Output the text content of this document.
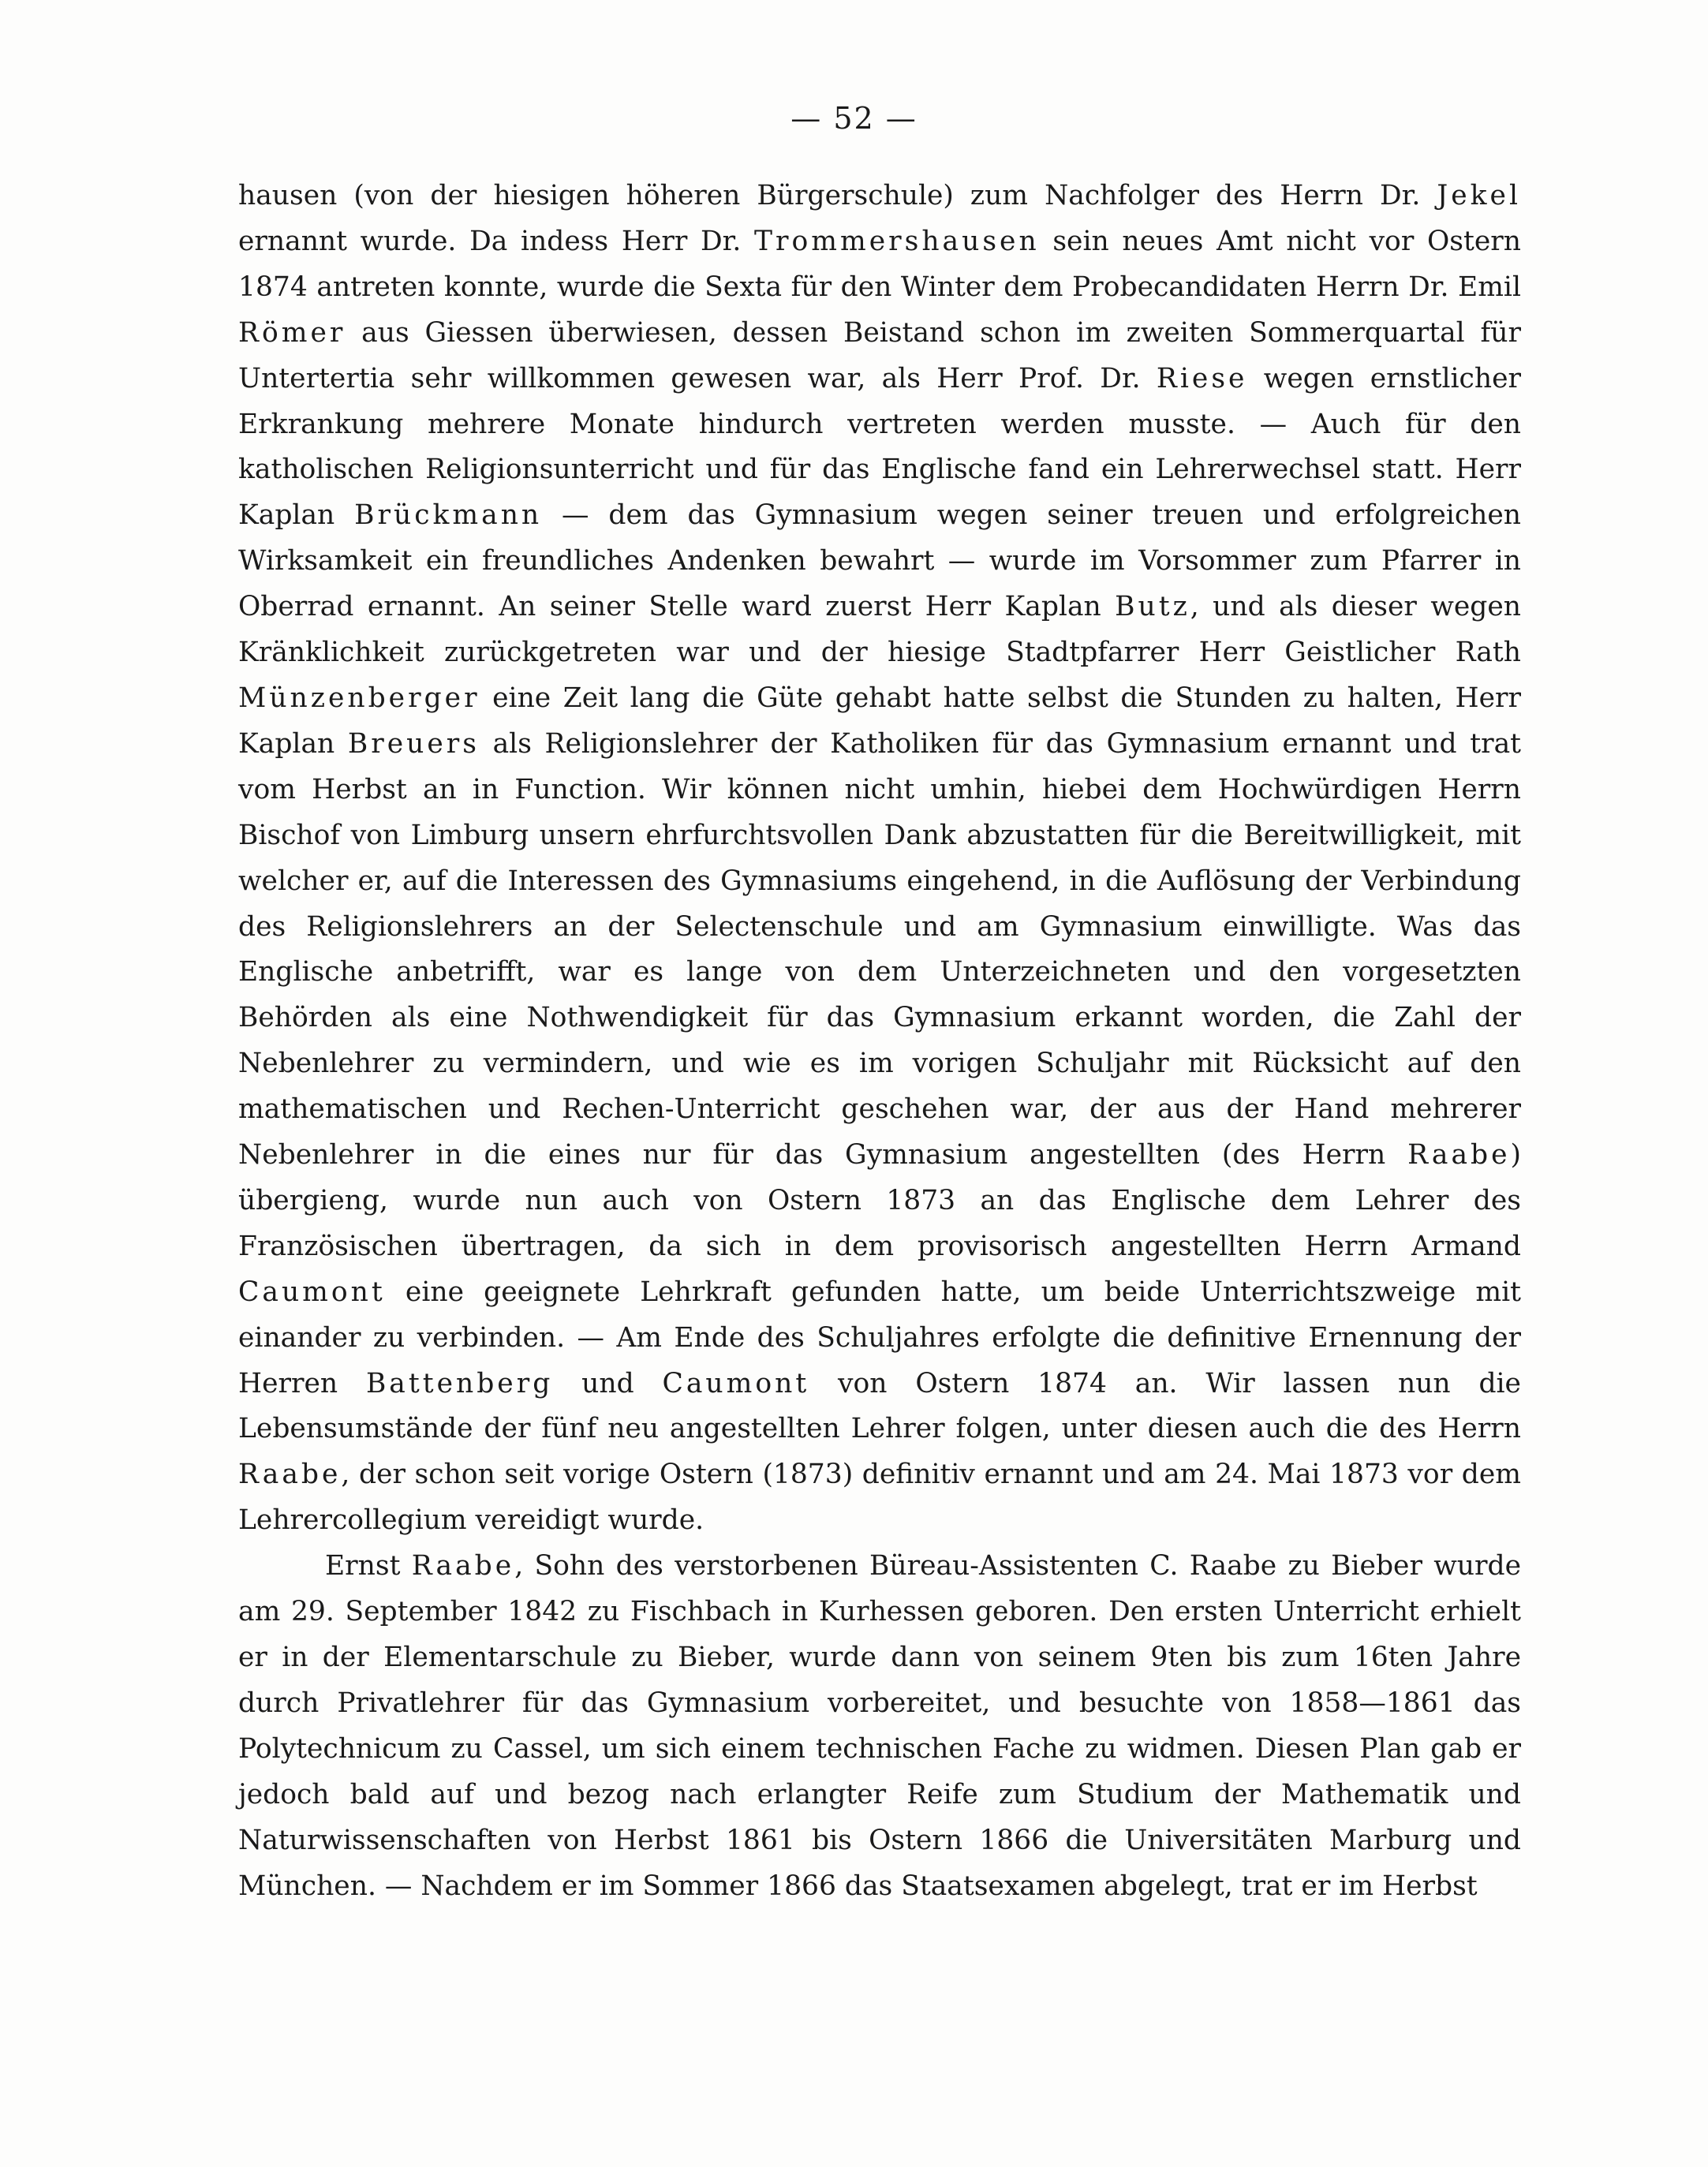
— 52 —

hausen (von der hiesigen höheren Bürgerschule) zum Nachfolger des Herrn Dr. Jekel ernannt wurde. Da indess Herr Dr. Trommershausen sein neues Amt nicht vor Ostern 1874 antreten konnte, wurde die Sexta für den Winter dem Probecandidaten Herrn Dr. Emil Römer aus Giessen überwiesen, dessen Beistand schon im zweiten Sommerquartal für Untertertia sehr willkommen gewesen war, als Herr Prof. Dr. Riese wegen ernstlicher Erkrankung mehrere Monate hindurch vertreten werden musste. — Auch für den katholischen Religionsunterricht und für das Englische fand ein Lehrerwechsel statt. Herr Kaplan Brückmann — dem das Gymnasium wegen seiner treuen und erfolgreichen Wirksamkeit ein freundliches Andenken bewahrt — wurde im Vorsommer zum Pfarrer in Oberrad ernannt. An seiner Stelle ward zuerst Herr Kaplan Butz, und als dieser wegen Kränklichkeit zurückgetreten war und der hiesige Stadtpfarrer Herr Geistlicher Rath Münzenberger eine Zeit lang die Güte gehabt hatte selbst die Stunden zu halten, Herr Kaplan Breuers als Religionslehrer der Katholiken für das Gymnasium ernannt und trat vom Herbst an in Function. Wir können nicht umhin, hiebei dem Hochwürdigen Herrn Bischof von Limburg unsern ehrfurchtsvollen Dank abzustatten für die Bereitwilligkeit, mit welcher er, auf die Interessen des Gymnasiums eingehend, in die Auflösung der Verbindung des Religionslehrers an der Selectenschule und am Gymnasium einwilligte. Was das Englische anbetrifft, war es lange von dem Unterzeichneten und den vorgesetzten Behörden als eine Nothwendigkeit für das Gymnasium erkannt worden, die Zahl der Nebenlehrer zu vermindern, und wie es im vorigen Schuljahr mit Rücksicht auf den mathematischen und Rechen-Unterricht geschehen war, der aus der Hand mehrerer Nebenlehrer in die eines nur für das Gymnasium angestellten (des Herrn Raabe) übergieng, wurde nun auch von Ostern 1873 an das Englische dem Lehrer des Französischen übertragen, da sich in dem provisorisch angestellten Herrn Armand Caumont eine geeignete Lehrkraft gefunden hatte, um beide Unterrichtszweige mit einander zu verbinden. — Am Ende des Schuljahres erfolgte die definitive Ernennung der Herren Battenberg und Caumont von Ostern 1874 an. Wir lassen nun die Lebensumstände der fünf neu angestellten Lehrer folgen, unter diesen auch die des Herrn Raabe, der schon seit vorige Ostern (1873) definitiv ernannt und am 24. Mai 1873 vor dem Lehrercollegium vereidigt wurde.

Ernst Raabe, Sohn des verstorbenen Büreau-Assistenten C. Raabe zu Bieber wurde am 29. September 1842 zu Fischbach in Kurhessen geboren. Den ersten Unterricht erhielt er in der Elementarschule zu Bieber, wurde dann von seinem 9ten bis zum 16ten Jahre durch Privatlehrer für das Gymnasium vorbereitet, und besuchte von 1858—1861 das Polytechnicum zu Cassel, um sich einem technischen Fache zu widmen. Diesen Plan gab er jedoch bald auf und bezog nach erlangter Reife zum Studium der Mathematik und Naturwissenschaften von Herbst 1861 bis Ostern 1866 die Universitäten Marburg und München. — Nachdem er im Sommer 1866 das Staatsexamen abgelegt, trat er im Herbst
